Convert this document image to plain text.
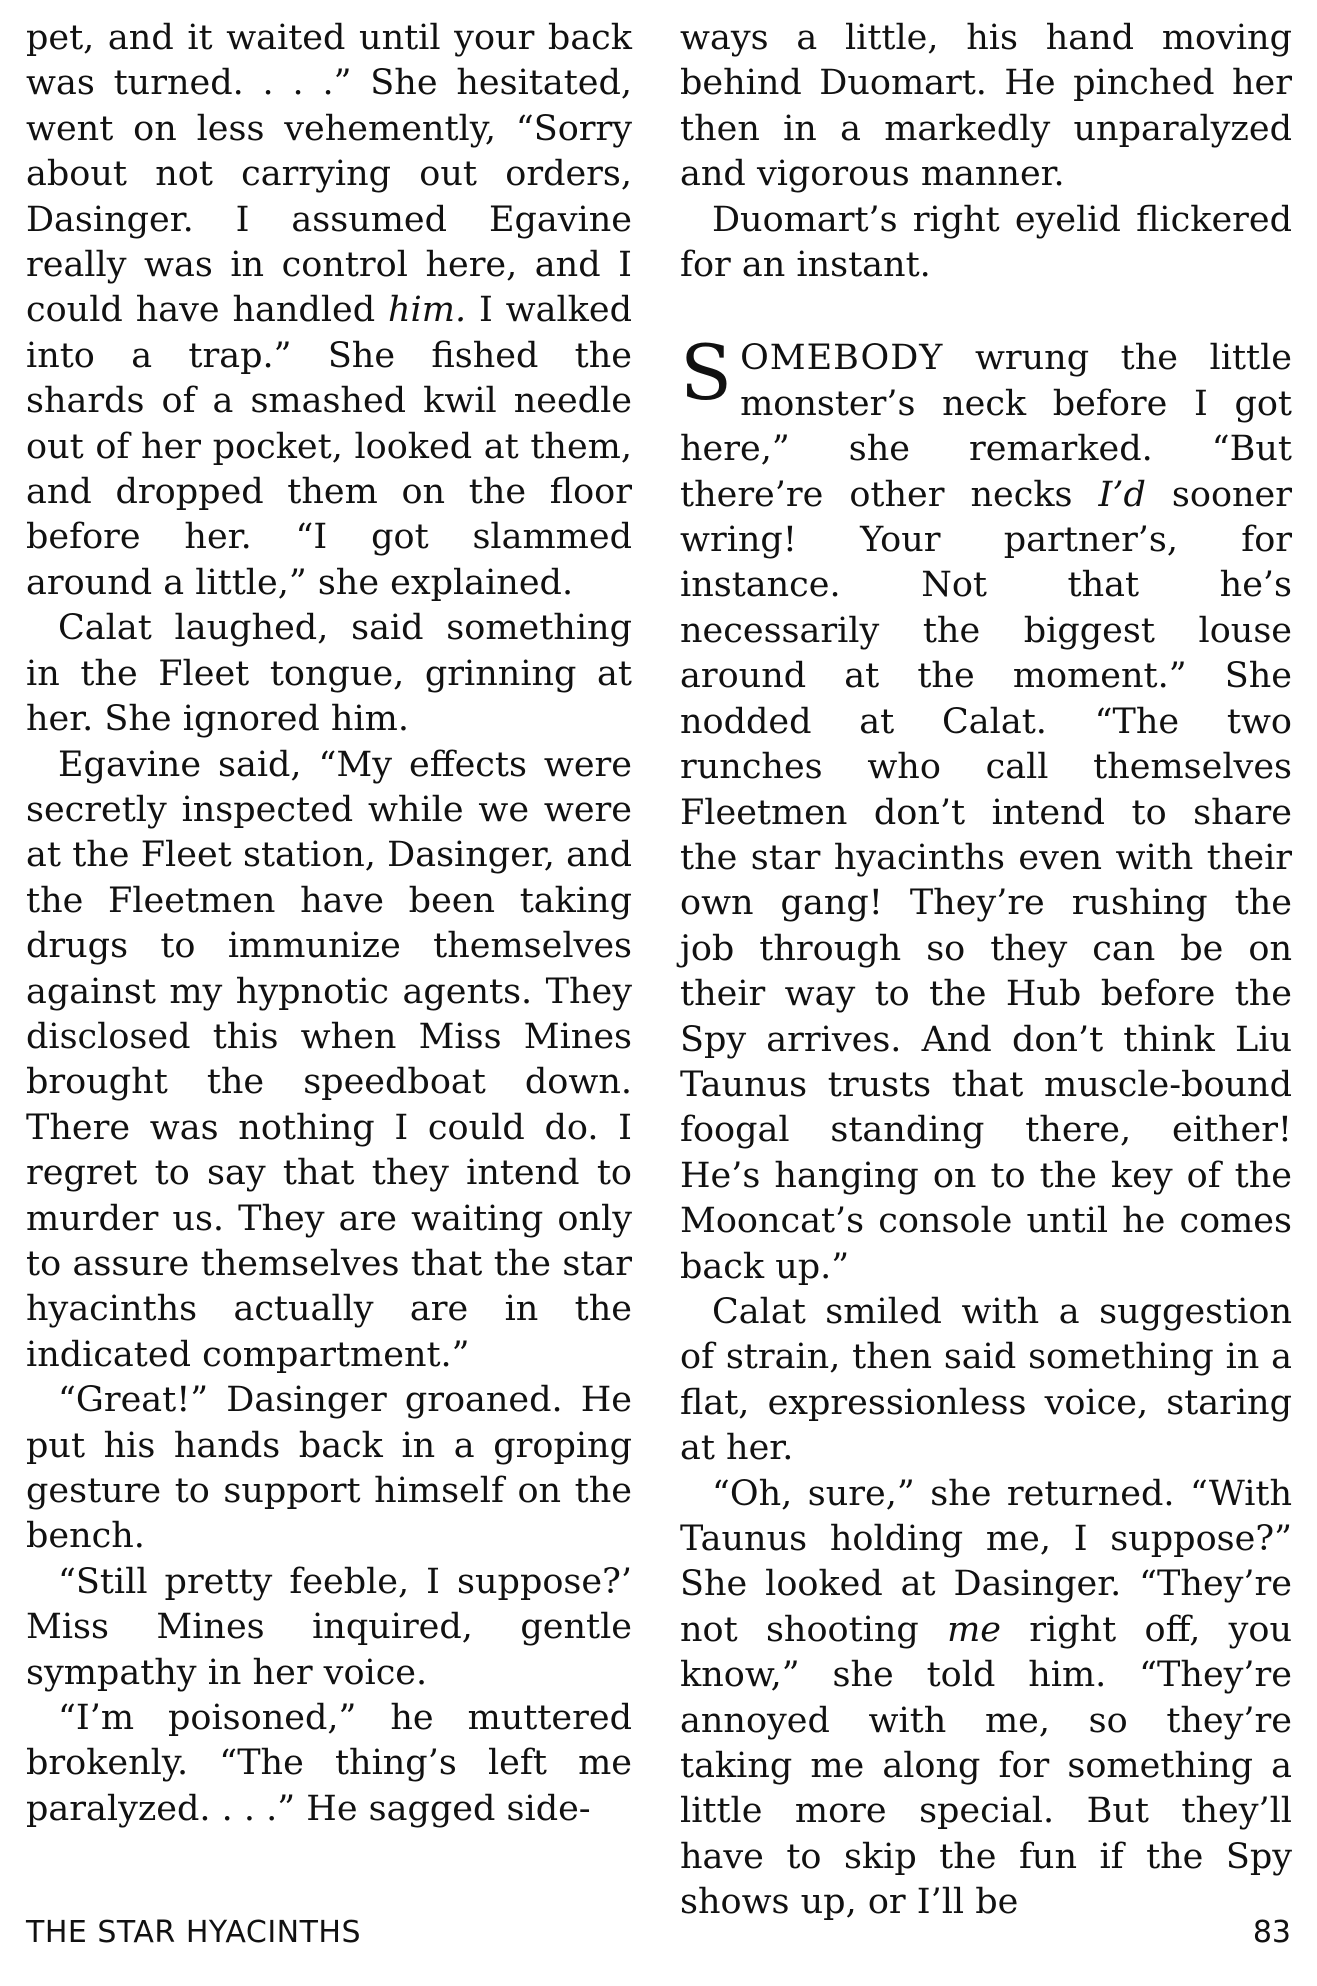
pet, and it waited until your back was turned. . . .” She hesitated, went on less vehemently, “Sorry about not carrying out orders, Dasinger. I assumed Egavine really was in control here, and I could have handled him. I walked into a trap.” She fished the shards of a smashed kwil needle out of her pocket, looked at them, and dropped them on the floor before her. “I got slammed around a little,” she explained.

Calat laughed, said something in the Fleet tongue, grinning at her. She ignored him.

Egavine said, “My effects were secretly inspected while we were at the Fleet station, Dasinger, and the Fleetmen have been taking drugs to immunize themselves against my hypnotic agents. They disclosed this when Miss Mines brought the speedboat down. There was nothing I could do. I regret to say that they intend to murder us. They are waiting only to assure themselves that the star hyacinths actually are in the indicated compartment.”

“Great!” Dasinger groaned. He put his hands back in a groping gesture to support himself on the bench.

“Still pretty feeble, I suppose?’ Miss Mines inquired, gentle sympathy in her voice.

“I’m poisoned,” he muttered brokenly. “The thing’s left me paralyzed. . . .” He sagged side-

ways a little, his hand moving behind Duomart. He pinched her then in a markedly unparalyzed and vigorous manner.

Duomart’s right eyelid flickered for an instant.

SOMEBODY wrung the little monster’s neck before I got here,” she remarked. “But there’re other necks I’d sooner wring! Your partner’s, for instance. Not that he’s necessarily the biggest louse around at the moment.” She nodded at Calat. “The two runches who call themselves Fleetmen don’t intend to share the star hyacinths even with their own gang! They’re rushing the job through so they can be on their way to the Hub before the Spy arrives. And don’t think Liu Taunus trusts that muscle-bound foogal standing there, either! He’s hanging on to the key of the Mooncat’s console until he comes back up.”

Calat smiled with a suggestion of strain, then said something in a flat, expressionless voice, staring at her.

“Oh, sure,” she returned. “With Taunus holding me, I suppose?” She looked at Dasinger. “They’re not shooting me right off, you know,” she told him. “They’re annoyed with me, so they’re taking me along for something a little more special. But they’ll have to skip the fun if the Spy shows up, or I’ll be

THE STAR HYACINTHS	83
